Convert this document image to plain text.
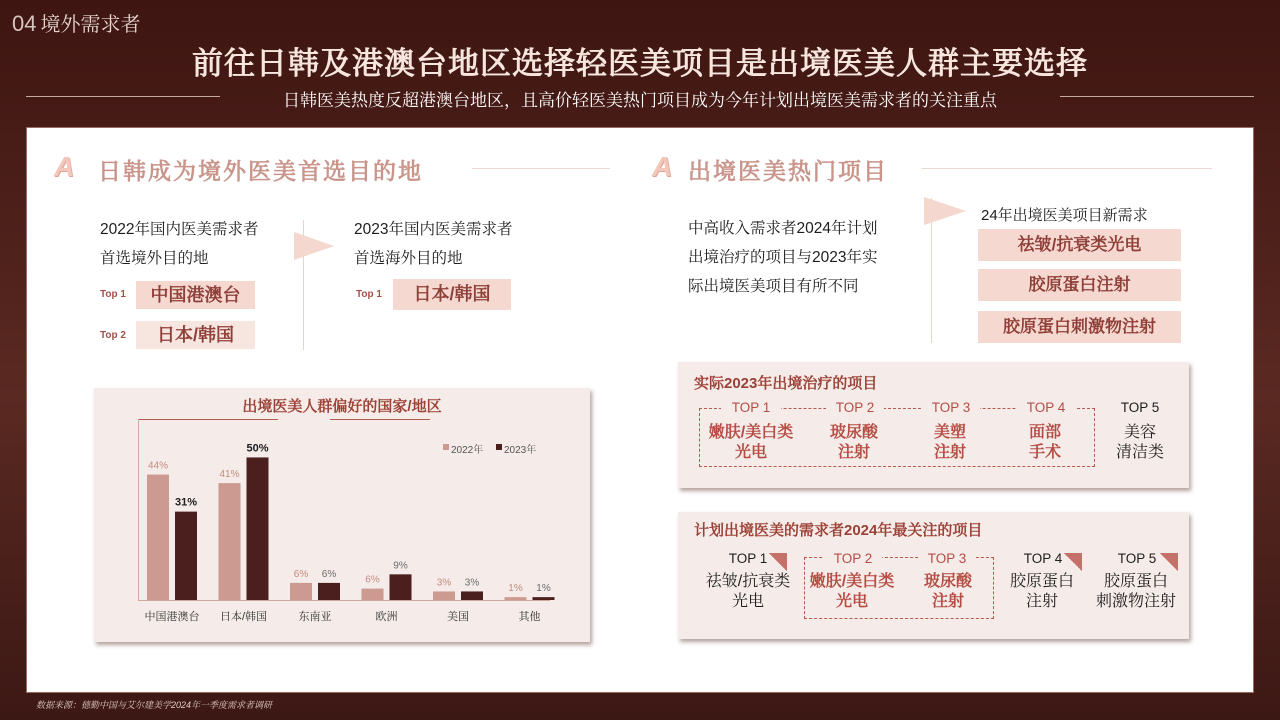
04 境外需求者
前往日韩及港澳台地区选择轻医美项目是出境医美人群主要选择
日韩医美热度反超港澳台地区，且高价轻医美热门项目成为今年计划出境医美需求者的关注重点
A 日韩成为境外医美首选目的地
2022年国内医美需求者
首选境外目的地
Top 1	中国港澳台
Top 2	日本/韩国
2023年国内医美需求者
首选海外目的地
Top 1	日本/韩国
出境医美人群偏好的国家/地区
44%
31%
中国港澳台
41%
50%
日本/韩国
6% 6%
东南亚
6%
9%
欧洲
3% 3%
美国
1% 1%
其他
2022年 2023年
A 出境医美热门项目
中高收入需求者2024年计划
出境治疗的项目与2023年实
际出境医美项目有所不同
24年出境医美项目新需求
祛皱/抗衰类光电
胶原蛋白注射
胶原蛋白刺激物注射
实际2023年出境治疗的项目
TOP 1
嫩肤/美白类
光电
TOP 2
玻尿酸
注射
TOP 3
美塑
注射
TOP 4
面部
手术
TOP 5
美容
清洁类
计划出境医美的需求者2024年最关注的项目
TOP 1
祛皱/抗衰类
光电
TOP 2
嫩肤/美白类
光电
TOP 3
玻尿酸
注射
TOP 4
胶原蛋白
注射
TOP 5
胶原蛋白
刺激物注射
数据来源：德勤中国与艾尔建美学2024年一季度需求者调研
